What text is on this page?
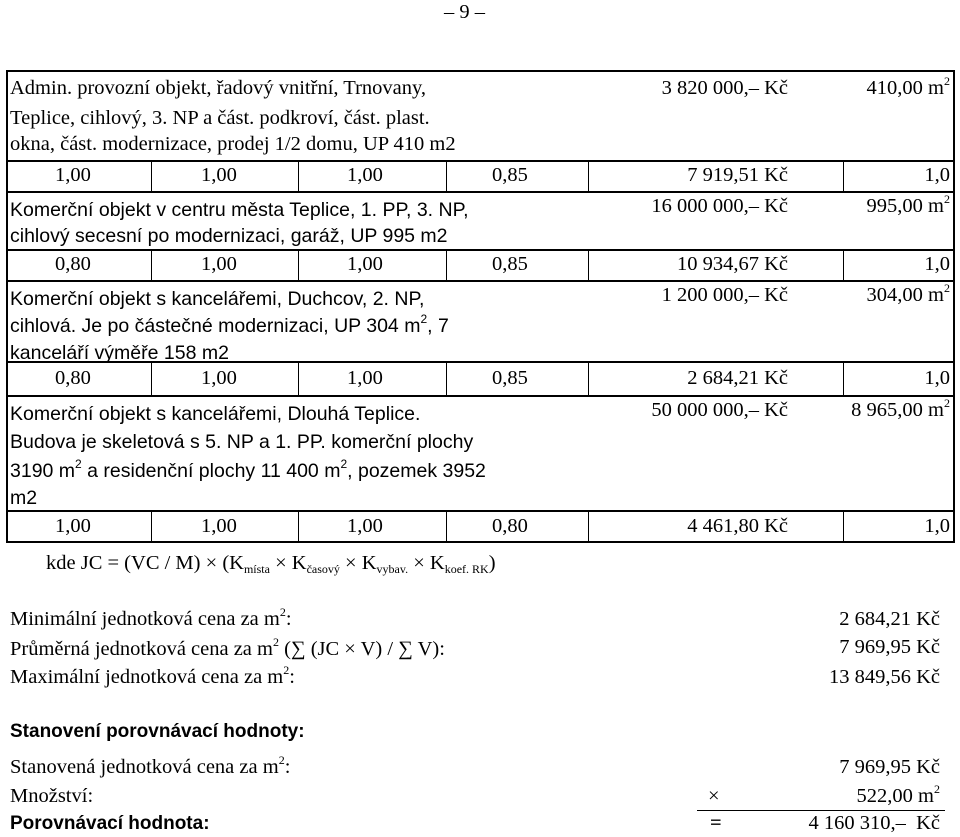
– 9 –
Admin. provozní objekt, řadový vnitřní, Trnovany,
Teplice, cihlový, 3. NP a část. podkroví, část. plast.
okna, část. modernizace, prodej 1/2 domu, UP 410 m2
3 820 000,– Kč	410,00 $m^2$
1,00	1,00	1,00	0,85	7 919,51 Kč	1,0
Komerční objekt v centru města Teplice, 1. PP, 3. NP,
cihlový secesní po modernizaci, garáž, UP 995 m2
16 000 000,– Kč	995,00 $m^2$
0,80	1,00	1,00	0,85	10 934,67 Kč	1,0
Komerční objekt s kancelářemi, Duchcov, 2. NP,
cihlová. Je po částečné modernizaci, UP 304 $m^2$, 7
kanceláří výměře 158 m2
1 200 000,– Kč	304,00 $m^2$
0,80	1,00	1,00	0,85	2 684,21 Kč	1,0
Komerční objekt s kancelářemi, Dlouhá Teplice.
Budova je skeletová s 5. NP a 1. PP. komerční plochy
3190 $m^2$ a residenční plochy 11 400 $m^2$, pozemek 3952
m2
50 000 000,– Kč	8 965,00 $m^2$
1,00	1,00	1,00	0,80	4 461,80 Kč	1,0
kde JC = $(VC / M) \times (K_{místa} \times K_{časový} \times K_{vybav.} \times K_{koef. RK})$
Minimální jednotková cena za $m^2$:	2 684,21 Kč
Průměrná jednotková cena za $m^2$ (∑ (JC × V) / ∑ V):	7 969,95 Kč
Maximální jednotková cena za $m^2$:	13 849,56 Kč
Stanovení porovnávací hodnoty:
Stanovená jednotková cena za $m^2$:	7 969,95 Kč
Množství:	×	522,00 $m^2$
Porovnávací hodnota:	=	4 160 310,–  Kč
